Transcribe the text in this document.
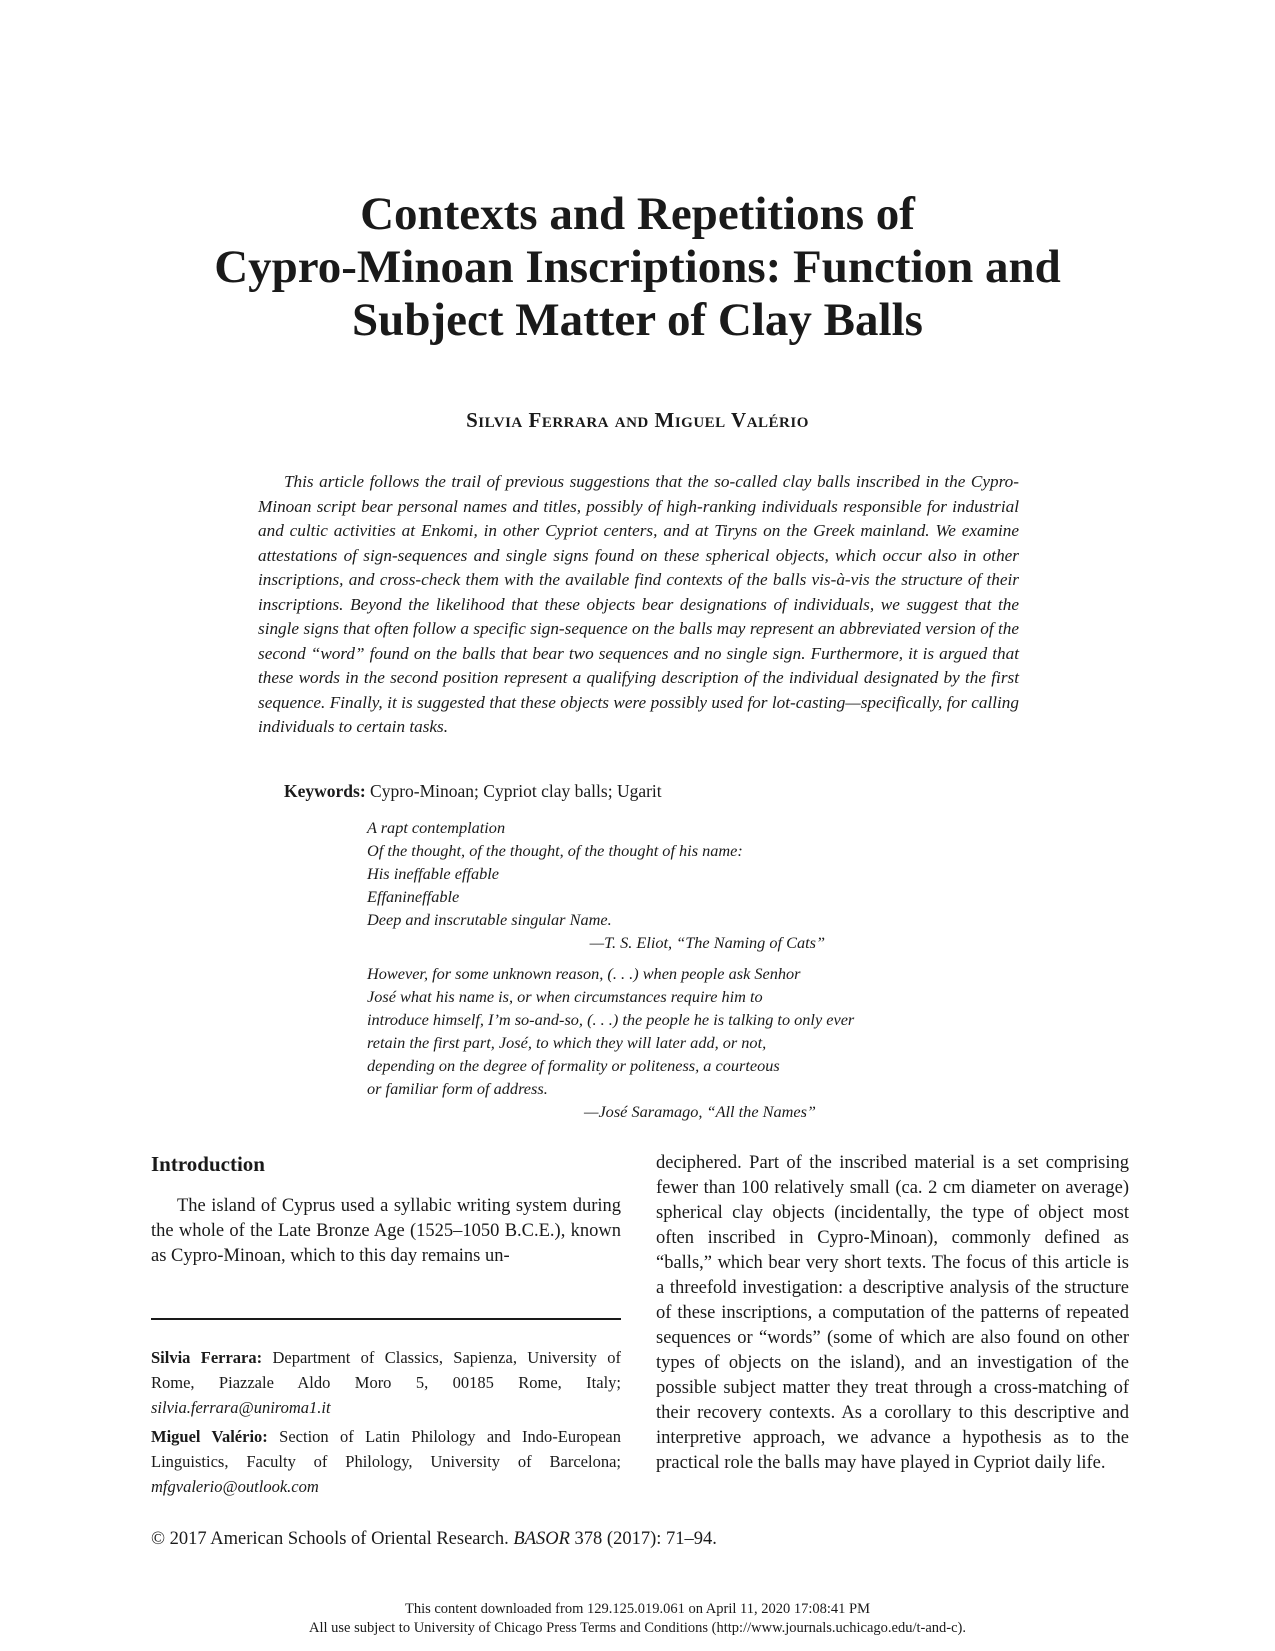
Contexts and Repetitions of
Cypro-Minoan Inscriptions: Function and
Subject Matter of Clay Balls
Silvia Ferrara and Miguel Valério

This article follows the trail of previous suggestions that the so-called clay balls inscribed in the Cypro-Minoan script bear personal names and titles, possibly of high-ranking individuals responsible for industrial and cultic activities at Enkomi, in other Cypriot centers, and at Tiryns on the Greek mainland. We examine attestations of sign-sequences and single signs found on these spherical objects, which occur also in other inscriptions, and cross-check them with the available find contexts of the balls vis-à-vis the structure of their inscriptions. Beyond the likelihood that these objects bear designations of individuals, we suggest that the single signs that often follow a specific sign-sequence on the balls may represent an abbreviated version of the second “word” found on the balls that bear two sequences and no single sign. Furthermore, it is argued that these words in the second position represent a qualifying description of the individual designated by the first sequence. Finally, it is suggested that these objects were possibly used for lot-casting—specifically, for calling individuals to certain tasks.

Keywords: Cypro-Minoan; Cypriot clay balls; Ugarit
A rapt contemplation
Of the thought, of the thought, of the thought of his name:
His ineffable effable
Effanineffable
Deep and inscrutable singular Name.
—T. S. Eliot, “The Naming of Cats”
However, for some unknown reason, (. . .) when people ask Senhor
José what his name is, or when circumstances require him to
introduce himself, I’m so-and-so, (. . .) the people he is talking to only ever
retain the first part, José, to which they will later add, or not,
depending on the degree of formality or politeness, a courteous
or familiar form of address.
—José Saramago, “All the Names”
Introduction

The island of Cyprus used a syllabic writing system during the whole of the Late Bronze Age (1525–1050 B.C.E.), known as Cypro-Minoan, which to this day remains un-

Silvia Ferrara: Department of Classics, Sapienza, University of Rome, Piazzale Aldo Moro 5, 00185 Rome, Italy; silvia.ferrara@uniroma1.it

Miguel Valério: Section of Latin Philology and Indo-European Linguistics, Faculty of Philology, University of Barcelona; mfgvalerio@outlook.com

deciphered. Part of the inscribed material is a set comprising fewer than 100 relatively small (ca. 2 cm diameter on average) spherical clay objects (incidentally, the type of object most often inscribed in Cypro-Minoan), commonly defined as “balls,” which bear very short texts. The focus of this article is a threefold investigation: a descriptive analysis of the structure of these inscriptions, a computation of the patterns of repeated sequences or “words” (some of which are also found on other types of objects on the island), and an investigation of the possible subject matter they treat through a cross-matching of their recovery contexts. As a corollary to this descriptive and interpretive approach, we advance a hypothesis as to the practical role the balls may have played in Cypriot daily life.

© 2017 American Schools of Oriental Research. BASOR 378 (2017): 71–94.
This content downloaded from 129.125.019.061 on April 11, 2020 17:08:41 PM
All use subject to University of Chicago Press Terms and Conditions (http://www.journals.uchicago.edu/t-and-c).
